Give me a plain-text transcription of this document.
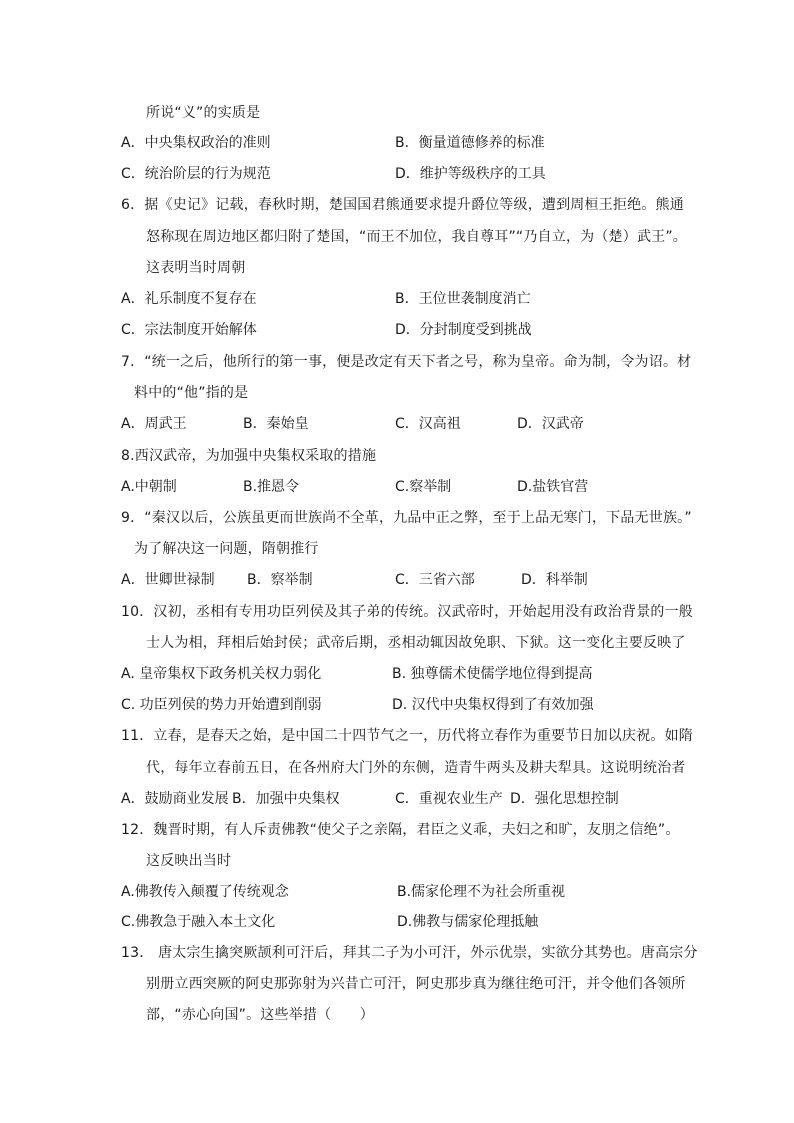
所说“义”的实质是
A．中央集权政治的准则	B．衡量道德修养的标准
C．统治阶层的行为规范	D．维护等级秩序的工具
6．据《史记》记载，春秋时期，楚国国君熊通要求提升爵位等级，遭到周桓王拒绝。熊通
怒称现在周边地区都归附了楚国，“而王不加位，我自尊耳”“乃自立，为（楚）武王”。
这表明当时周朝
A．礼乐制度不复存在	B．王位世袭制度消亡
C．宗法制度开始解体	D．分封制度受到挑战
7．“统一之后，他所行的第一事，便是改定有天下者之号，称为皇帝。命为制，令为诏。材
料中的“他”指的是
A．周武王	B．秦始皇	C．汉高祖	D．汉武帝
8.西汉武帝，为加强中央集权采取的措施
A.中朝制	B.推恩令	C.察举制	D.盐铁官营
9．“秦汉以后，公族虽更而世族尚不全革，九品中正之弊，至于上品无寒门，下品无世族。”
为了解决这一问题，隋朝推行
A．世卿世禄制 B．察举制	C．三省六部	D．科举制
10．汉初，丞相有专用功臣列侯及其子弟的传统。汉武帝时，开始起用没有政治背景的一般
士人为相，拜相后始封侯；武帝后期，丞相动辄因故免职、下狱。这一变化主要反映了
A. 皇帝集权下政务机关权力弱化	B. 独尊儒术使儒学地位得到提高
C. 功臣列侯的势力开始遭到削弱	D. 汉代中央集权得到了有效加强
11．立春，是春天之始，是中国二十四节气之一，历代将立春作为重要节日加以庆祝。如隋
代，每年立春前五日，在各州府大门外的东侧，造青牛两头及耕夫犁具。这说明统治者
A．鼓励商业发展 B．加强中央集权	C．重视农业生产 D．强化思想控制
12．魏晋时期，有人斥责佛教“使父子之亲隔，君臣之义乖，夫妇之和旷，友朋之信绝”。
这反映出当时
A.佛教传入颠覆了传统观念	B.儒家伦理不为社会所重视
C.佛教急于融入本土文化	D.佛教与儒家伦理抵触
13． 唐太宗生擒突厥颉利可汗后，拜其二子为小可汗，外示优崇，实欲分其势也。唐高宗分
别册立西突厥的阿史那弥射为兴昔亡可汗，阿史那步真为继往绝可汗，并令他们各领所
部，“赤心向国”。这些举措（　　）
